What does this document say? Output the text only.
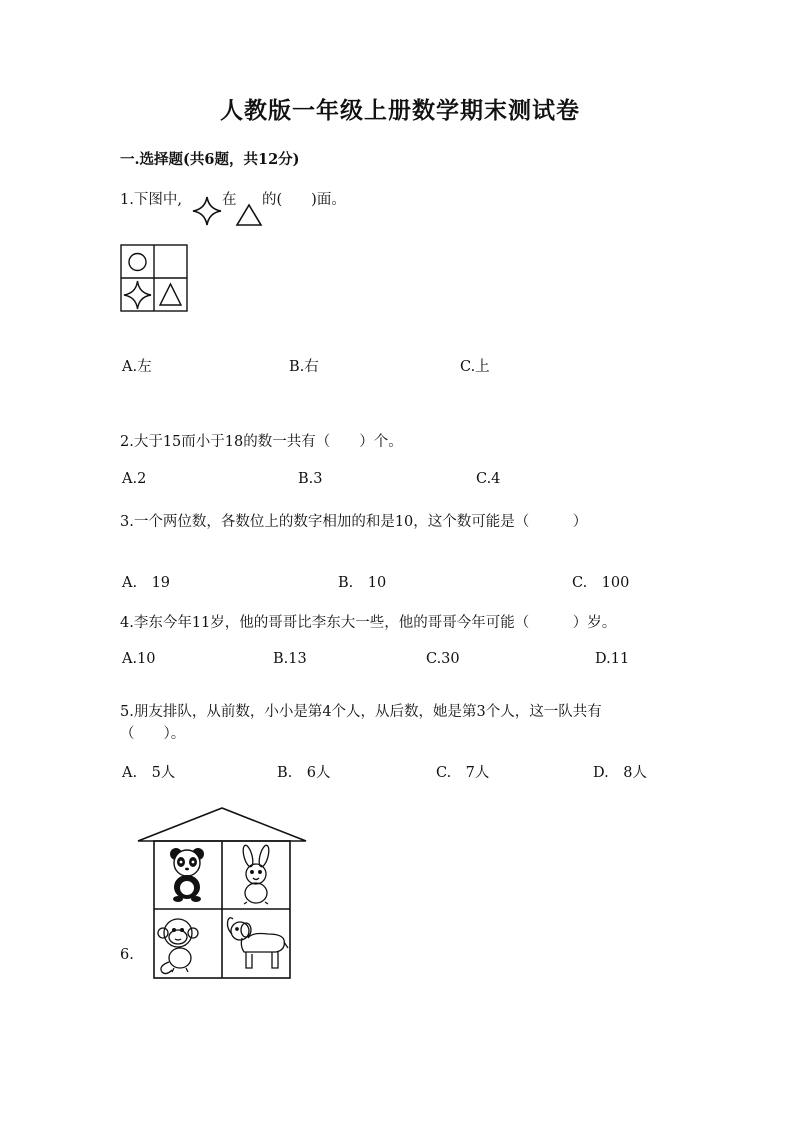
人教版一年级上册数学期末测试卷
一.选择题(共6题，共12分)
1.下图中,	在 的(　　)面。
A.左	B.右	C.上
2.大于15而小于18的数一共有（　　）个。
A.2	B.3	C.4
3.一个两位数，各数位上的数字相加的和是10，这个数可能是（　　　）
A.　19	B.　10	C.　100
4.李东今年11岁，他的哥哥比李东大一些，他的哥哥今年可能（　　　）岁。
A.10	B.13	C.30	D.11
5.朋友排队，从前数，小小是第4个人，从后数，她是第3个人，这一队共有
（　　）。
A.　5人	B.　6人	C.　7人	D.　8人
6.
